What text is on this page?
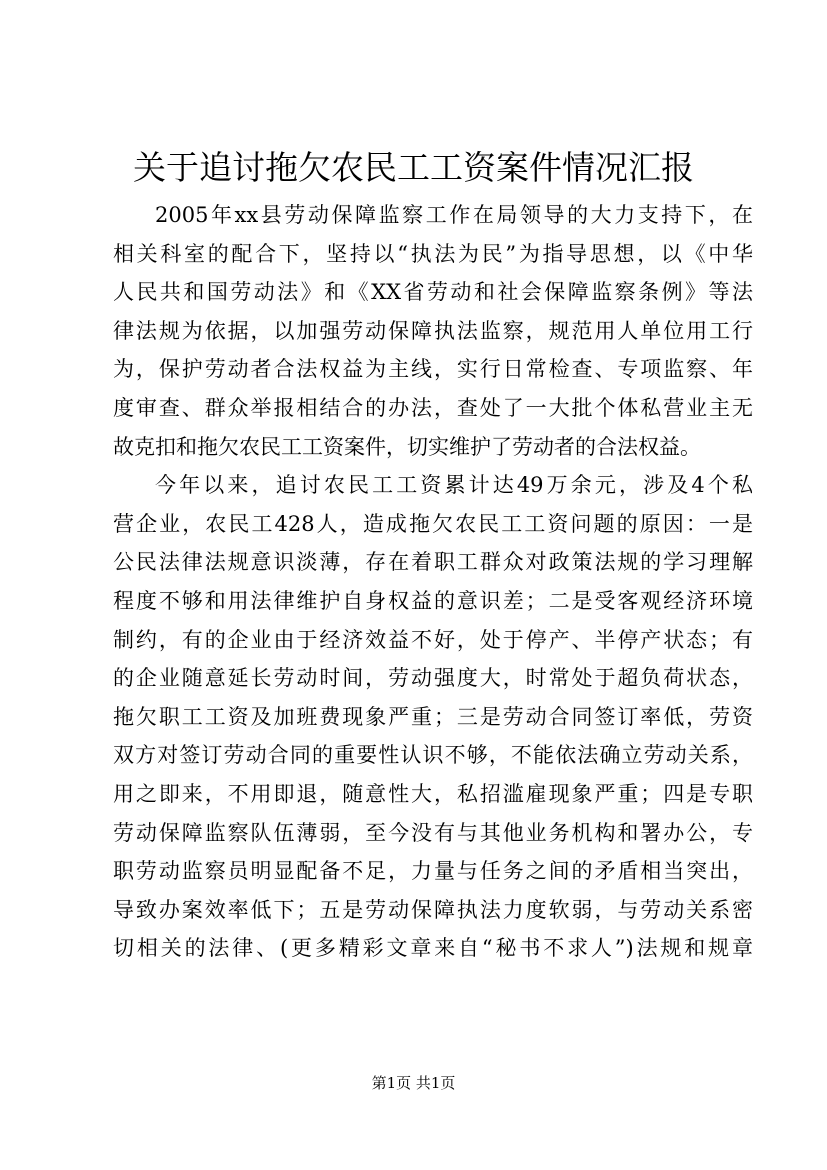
关于追讨拖欠农民工工资案件情况汇报
2005年xx县劳动保障监察工作在局领导的大力支持下，在
相关科室的配合下，坚持以“执法为民”为指导思想，以《中华
人民共和国劳动法》和《XX省劳动和社会保障监察条例》等法
律法规为依据，以加强劳动保障执法监察，规范用人单位用工行
为，保护劳动者合法权益为主线，实行日常检查、专项监察、年
度审查、群众举报相结合的办法，查处了一大批个体私营业主无
故克扣和拖欠农民工工资案件，切实维护了劳动者的合法权益。
今年以来，追讨农民工工资累计达49万余元，涉及4个私
营企业，农民工428人，造成拖欠农民工工资问题的原因：一是
公民法律法规意识淡薄，存在着职工群众对政策法规的学习理解
程度不够和用法律维护自身权益的意识差；二是受客观经济环境
制约，有的企业由于经济效益不好，处于停产、半停产状态；有
的企业随意延长劳动时间，劳动强度大，时常处于超负荷状态，
拖欠职工工资及加班费现象严重；三是劳动合同签订率低，劳资
双方对签订劳动合同的重要性认识不够，不能依法确立劳动关系，
用之即来，不用即退，随意性大，私招滥雇现象严重；四是专职
劳动保障监察队伍薄弱，至今没有与其他业务机构和署办公，专
职劳动监察员明显配备不足，力量与任务之间的矛盾相当突出，
导致办案效率低下；五是劳动保障执法力度软弱，与劳动关系密
切相关的法律、(更多精彩文章来自“秘书不求人”)法规和规章
第1页 共1页
